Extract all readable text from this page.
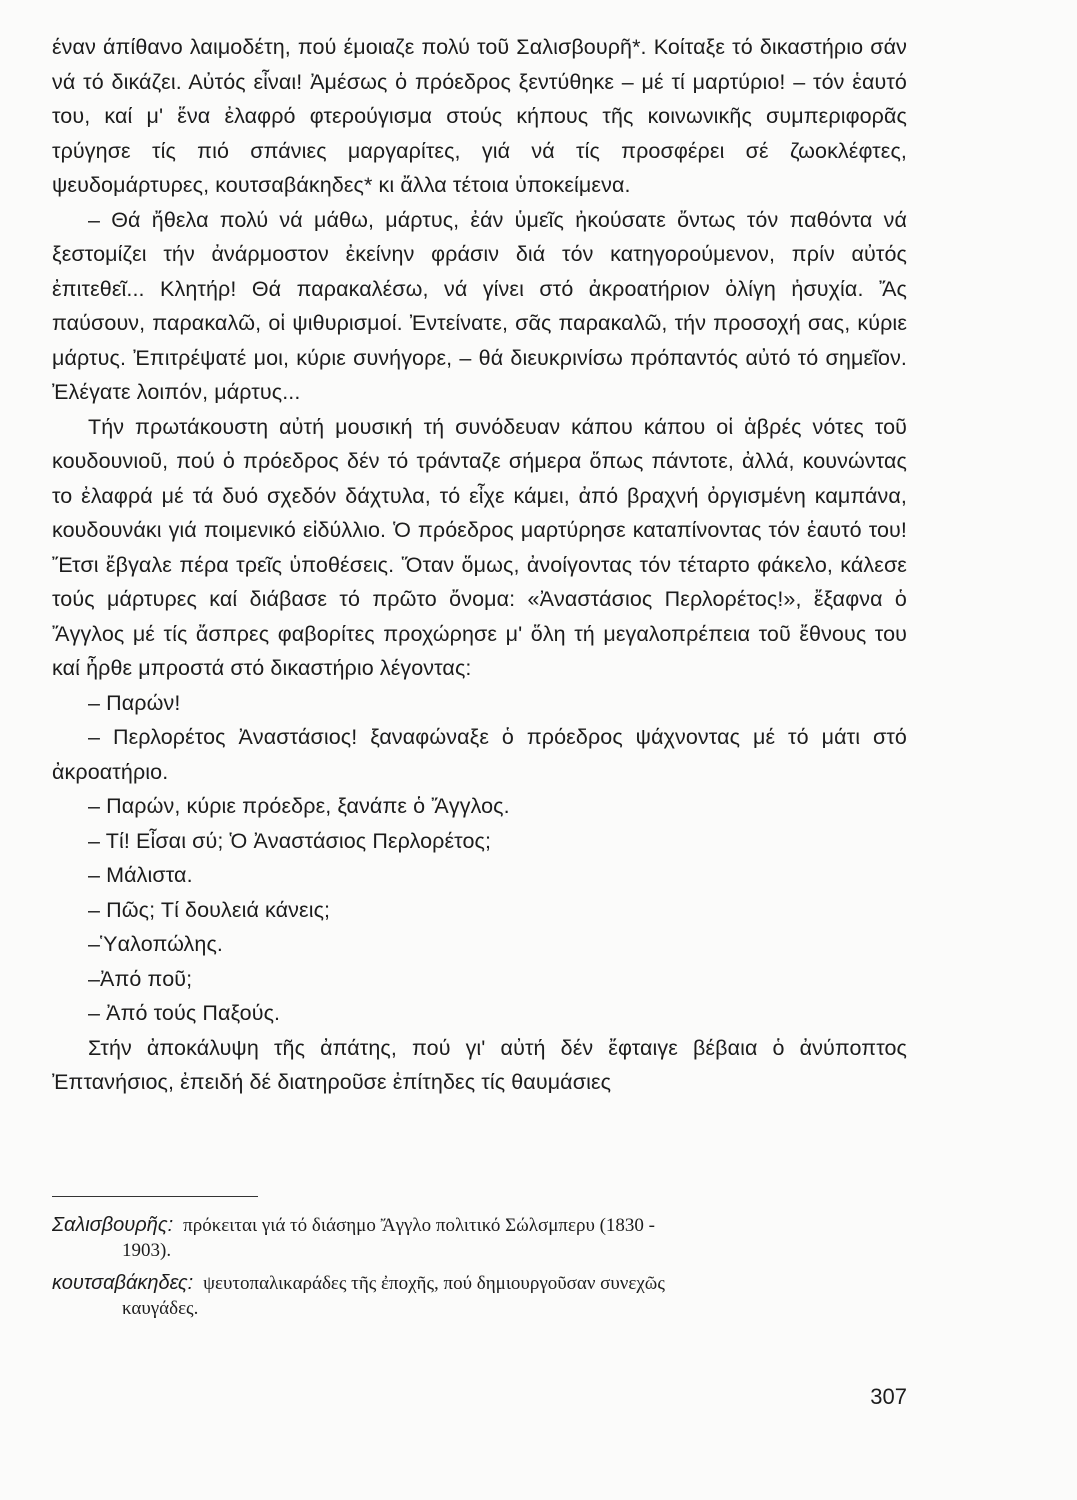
έναν άπίθανο λαιμοδέτη, πού έμοιαζε πολύ τοῦ Σαλισβουρῆ*. Κοίταξε τό δικαστήριο σάν νά τό δικάζει. Αὐτός εἶναι! Ἀμέσως ὁ πρόεδρος ξεντύθηκε – μέ τί μαρτύριο! – τόν ἑαυτό του, καί μ' ἕνα ἐλαφρό φτερούγισμα στούς κήπους τῆς κοινωνικῆς συμπεριφορᾶς τρύγησε τίς πιό σπάνιες μαργαρίτες, γιά νά τίς προσφέρει σέ ζωοκλέφτες, ψευδομάρτυρες, κουτσαβάκηδες* κι ἄλλα τέτοια ὑποκείμενα.

– Θά ἤθελα πολύ νά μάθω, μάρτυς, ἐάν ὑμεῖς ἠκούσατε ὄντως τόν παθόντα νά ξεστομίζει τήν ἀνάρμοστον ἐκείνην φράσιν διά τόν κατηγορούμενον, πρίν αὐτός ἐπιτεθεῖ... Κλητήρ! Θά παρακαλέσω, νά γίνει στό ἀκροατήριον ὀλίγη ἡσυχία. Ἄς παύσουν, παρακαλῶ, οἱ ψιθυρισμοί. Ἐντείνατε, σᾶς παρακαλῶ, τήν προσοχή σας, κύριε μάρτυς. Ἐπιτρέψατέ μοι, κύριε συνήγορε, – θά διευκρινίσω πρόπαντός αὐτό τό σημεῖον. Ἐλέγατε λοιπόν, μάρτυς...

Τήν πρωτάκουστη αὐτή μουσική τή συνόδευαν κάπου κάπου οἱ ἁβρές νότες τοῦ κουδουνιοῦ, πού ὁ πρόεδρος δέν τό τράνταζε σήμερα ὅπως πάντοτε, ἀλλά, κουνώντας το ἐλαφρά μέ τά δυό σχεδόν δάχτυλα, τό εἶχε κάμει, ἀπό βραχνή ὀργισμένη καμπάνα, κουδουνάκι γιά ποιμενικό εἰδύλλιο. Ὁ πρόεδρος μαρτύρησε καταπίνοντας τόν ἑαυτό του! Ἔτσι ἔβγαλε πέρα τρεῖς ὑποθέσεις. Ὅταν ὅμως, ἀνοίγοντας τόν τέταρτο φάκελο, κάλεσε τούς μάρτυρες καί διάβασε τό πρῶτο ὄνομα: «Ἀναστάσιος Περλορέτος!», ἔξαφνα ὁ Ἄγγλος μέ τίς ἄσπρες φαβορίτες προχώρησε μ' ὅλη τή μεγαλοπρέπεια τοῦ ἔθνους του καί ἦρθε μπροστά στό δικαστήριο λέγοντας:

– Παρών!

– Περλορέτος Ἀναστάσιος! ξαναφώναξε ὁ πρόεδρος ψάχνοντας μέ τό μάτι στό ἀκροατήριο.

– Παρών, κύριε πρόεδρε, ξανάπε ὁ Ἄγγλος.

– Τί! Εἶσαι σύ; Ὁ Ἀναστάσιος Περλορέτος;

– Μάλιστα.

– Πῶς; Τί δουλειά κάνεις;

–Ὑαλοπώλης.

–Ἀπό ποῦ;

– Ἀπό τούς Παξούς.

Στήν ἀποκάλυψη τῆς ἀπάτης, πού γι' αὐτή δέν ἔφταιγε βέβαια ὁ ἀνύποπτος Ἐπτανήσιος, ἐπειδή δέ διατηροῦσε ἐπίτηδες τίς θαυμάσιες

Σαλισβουρῆς: πρόκειται γιά τό διάσημο Ἄγγλο πολιτικό Σώλσμπερυ (1830 -
1903).

κουτσαβάκηδες: ψευτοπαλικαράδες τῆς ἐποχῆς, πού δημιουργοῦσαν συνεχῶς
καυγάδες.

307
